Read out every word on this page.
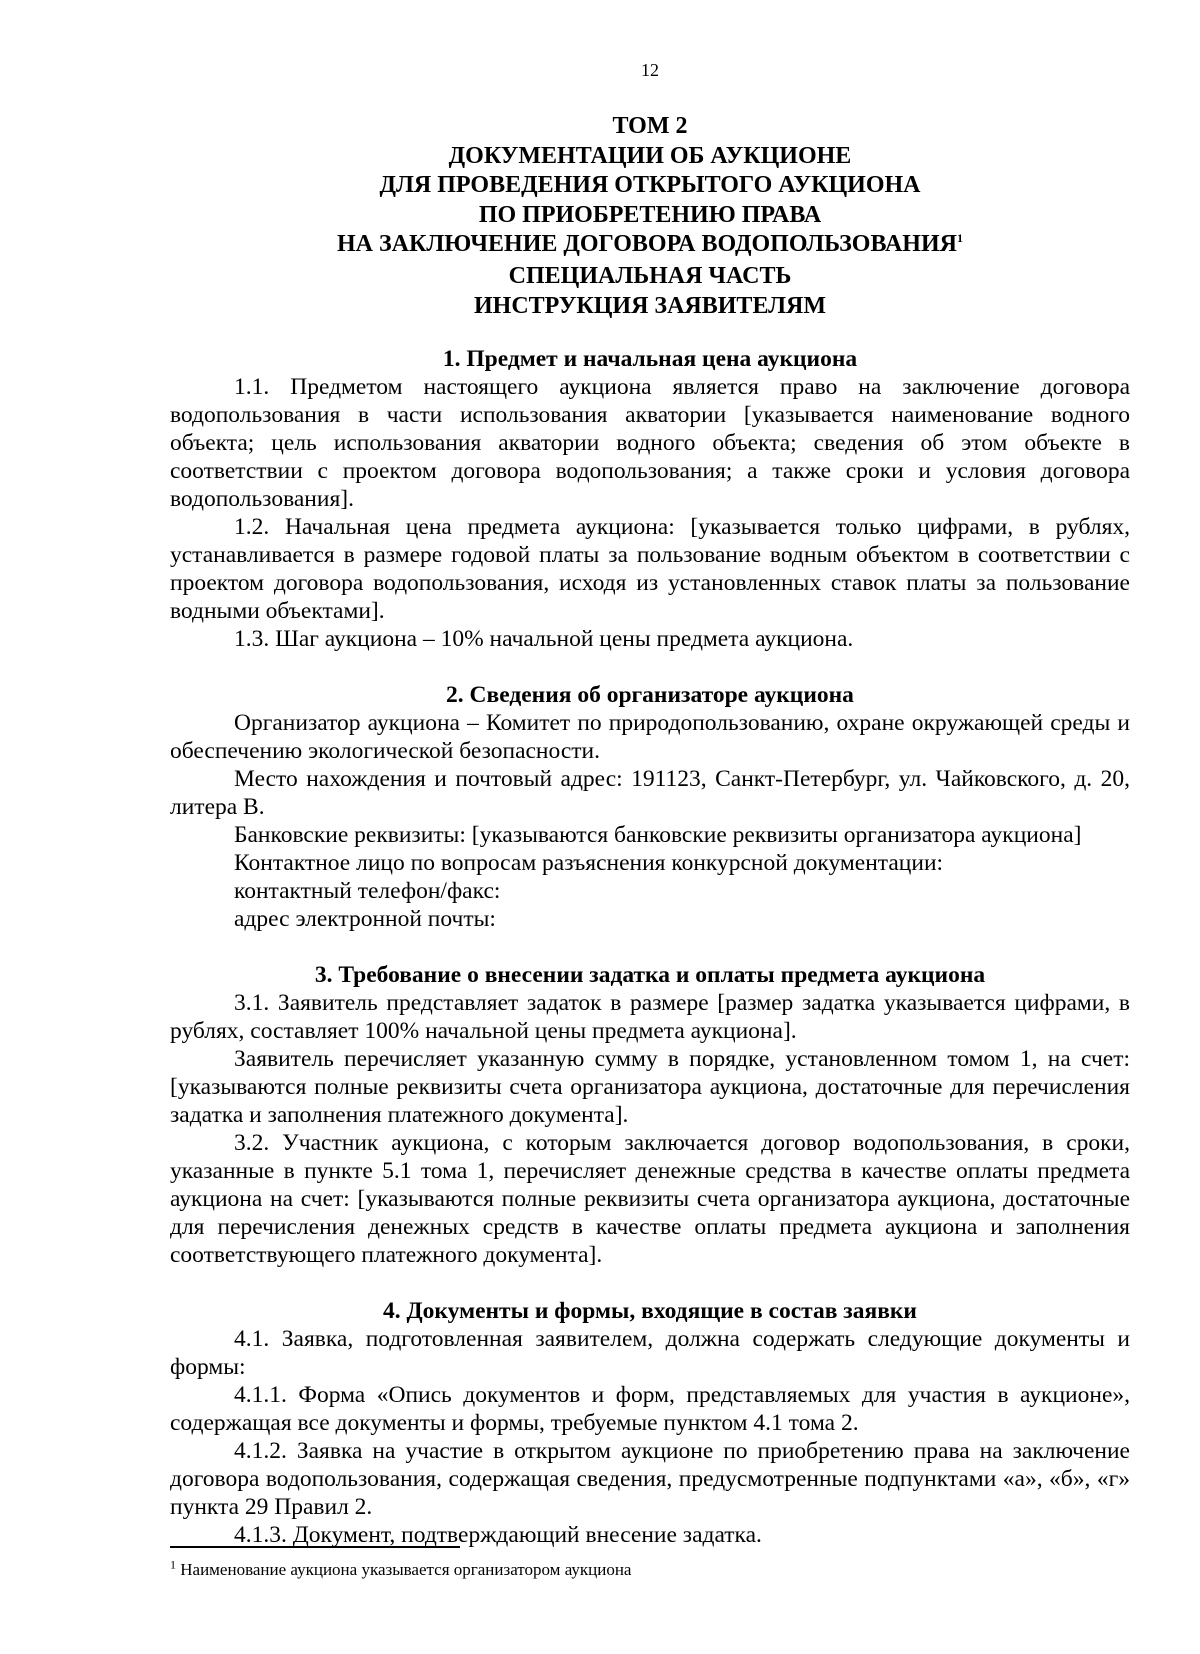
12
ТОМ 2
ДОКУМЕНТАЦИИ ОБ АУКЦИОНЕ
ДЛЯ ПРОВЕДЕНИЯ ОТКРЫТОГО АУКЦИОНА
ПО ПРИОБРЕТЕНИЮ ПРАВА
НА ЗАКЛЮЧЕНИЕ ДОГОВОРА ВОДОПОЛЬЗОВАНИЯ$^1$
СПЕЦИАЛЬНАЯ ЧАСТЬ
ИНСТРУКЦИЯ ЗАЯВИТЕЛЯМ

1. Предмет и начальная цена аукциона

1.1. Предметом настоящего аукциона является право на заключение договора водопользования в части использования акватории [указывается наименование водного объекта; цель использования акватории водного объекта; сведения об этом объекте в соответствии с проектом договора водопользования; а также сроки и условия договора водопользования].

1.2. Начальная цена предмета аукциона: [указывается только цифрами, в рублях, устанавливается в размере годовой платы за пользование водным объектом в соответствии с проектом договора водопользования, исходя из установленных ставок платы за пользование водными объектами].

1.3. Шаг аукциона – 10% начальной цены предмета аукциона.

2. Сведения об организаторе аукциона

Организатор аукциона – Комитет по природопользованию, охране окружающей среды и обеспечению экологической безопасности.

Место нахождения и почтовый адрес: 191123, Санкт-Петербург, ул. Чайковского, д. 20, литера В.

Банковские реквизиты: [указываются банковские реквизиты организатора аукциона]

Контактное лицо по вопросам разъяснения конкурсной документации:

контактный телефон/факс:

адрес электронной почты:

3. Требование о внесении задатка и оплаты предмета аукциона

3.1. Заявитель представляет задаток в размере [размер задатка указывается цифрами, в рублях, составляет 100% начальной цены предмета аукциона].

Заявитель перечисляет указанную сумму в порядке, установленном томом 1, на счет: [указываются полные реквизиты счета организатора аукциона, достаточные для перечисления задатка и заполнения платежного документа].

3.2. Участник аукциона, с которым заключается договор водопользования, в сроки, указанные в пункте 5.1 тома 1, перечисляет денежные средства в качестве оплаты предмета аукциона на счет: [указываются полные реквизиты счета организатора аукциона, достаточные для перечисления денежных средств в качестве оплаты предмета аукциона и заполнения соответствующего платежного документа].

4. Документы и формы, входящие в состав заявки

4.1. Заявка, подготовленная заявителем, должна содержать следующие документы и формы:

4.1.1. Форма «Опись документов и форм, представляемых для участия в аукционе», содержащая все документы и формы, требуемые пунктом 4.1 тома 2.

4.1.2. Заявка на участие в открытом аукционе по приобретению права на заключение договора водопользования, содержащая сведения, предусмотренные подпунктами «а», «б», «г» пункта 29 Правил 2.

4.1.3. Документ, подтверждающий внесение задатка.

$^1$ Наименование аукциона указывается организатором аукциона
